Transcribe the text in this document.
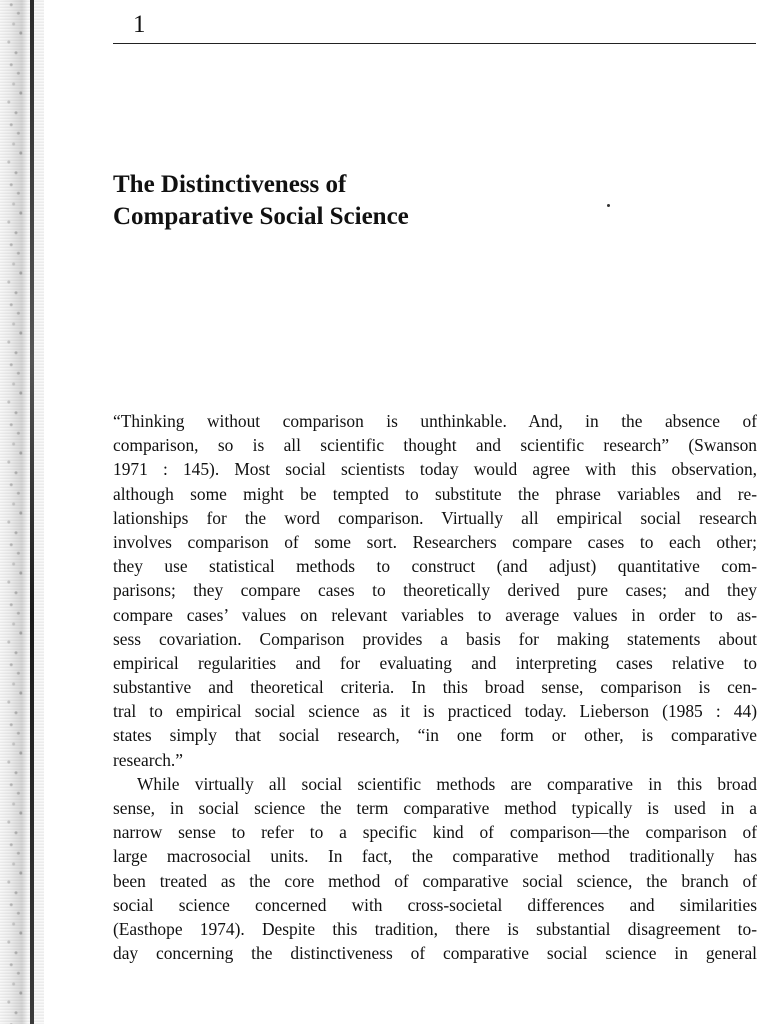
1
The Distinctiveness of
Comparative Social Science
“Thinking without comparison is unthinkable. And, in the absence of
comparison, so is all scientific thought and scientific research” (Swanson
1971 : 145). Most social scientists today would agree with this observation,
although some might be tempted to substitute the phrase variables and re-
lationships for the word comparison. Virtually all empirical social research
involves comparison of some sort. Researchers compare cases to each other;
they use statistical methods to construct (and adjust) quantitative com-
parisons; they compare cases to theoretically derived pure cases; and they
compare cases’ values on relevant variables to average values in order to as-
sess covariation. Comparison provides a basis for making statements about
empirical regularities and for evaluating and interpreting cases relative to
substantive and theoretical criteria. In this broad sense, comparison is cen-
tral to empirical social science as it is practiced today. Lieberson (1985 : 44)
states simply that social research, “in one form or other, is comparative
research.”
While virtually all social scientific methods are comparative in this broad
sense, in social science the term comparative method typically is used in a
narrow sense to refer to a specific kind of comparison—the comparison of
large macrosocial units. In fact, the comparative method traditionally has
been treated as the core method of comparative social science, the branch of
social science concerned with cross-societal differences and similarities
(Easthope 1974). Despite this tradition, there is substantial disagreement to-
day concerning the distinctiveness of comparative social science in general
